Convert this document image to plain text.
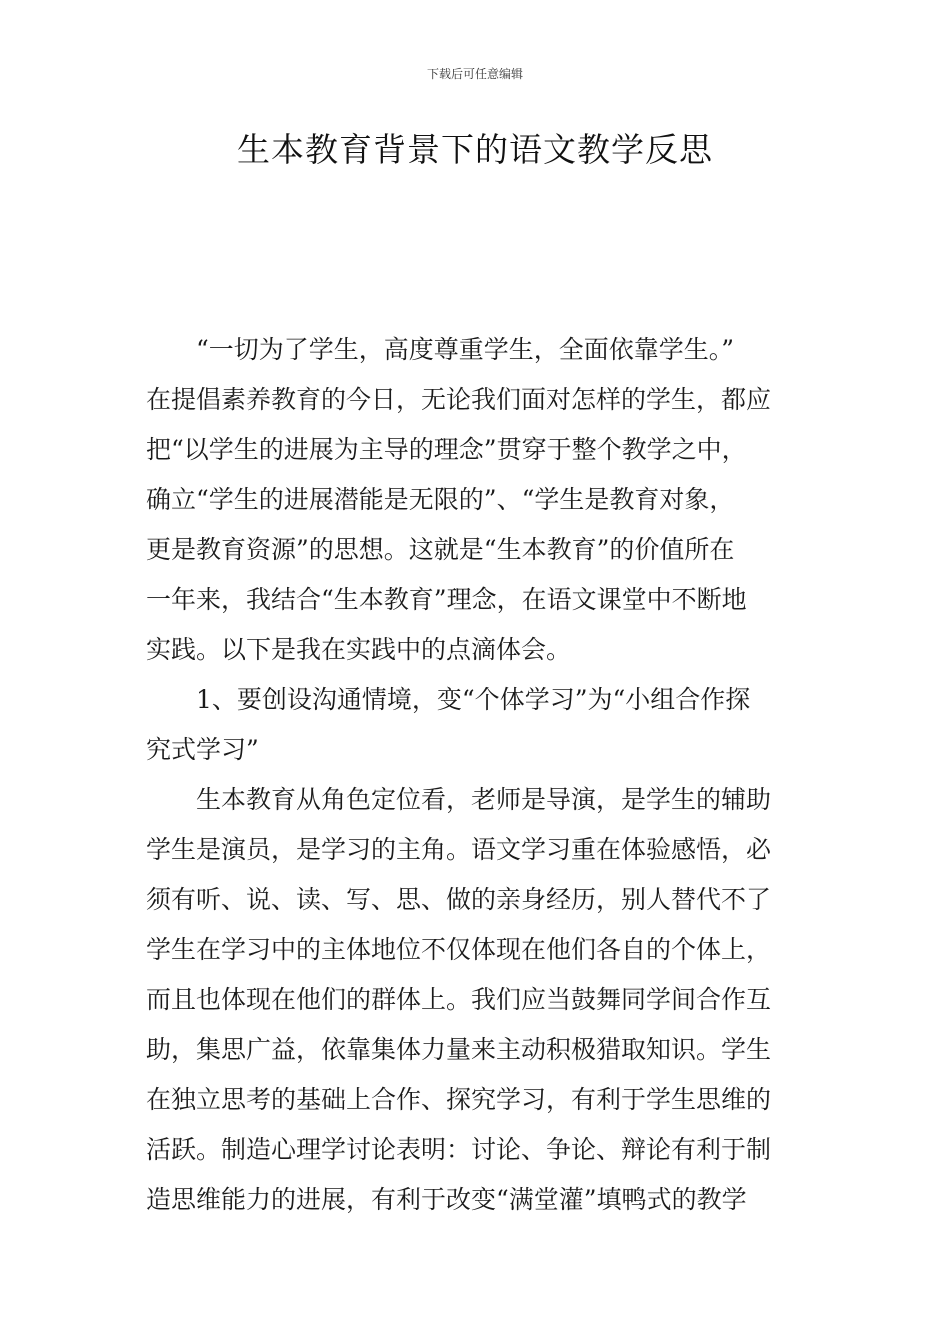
下载后可任意编辑
生本教育背景下的语文教学反思
“一切为了学生，高度尊重学生，全面依靠学生。”
在提倡素养教育的今日，无论我们面对怎样的学生，都应
把“以学生的进展为主导的理念”贯穿于整个教学之中，
确立“学生的进展潜能是无限的”、“学生是教育对象，
更是教育资源”的思想。这就是“生本教育”的价值所在
一年来，我结合“生本教育”理念，在语文课堂中不断地
实践。以下是我在实践中的点滴体会。
1、要创设沟通情境，变“个体学习”为“小组合作探
究式学习”
生本教育从角色定位看，老师是导演，是学生的辅助
学生是演员，是学习的主角。语文学习重在体验感悟，必
须有听、说、读、写、思、做的亲身经历，别人替代不了
学生在学习中的主体地位不仅体现在他们各自的个体上，
而且也体现在他们的群体上。我们应当鼓舞同学间合作互
助，集思广益，依靠集体力量来主动积极猎取知识。学生
在独立思考的基础上合作、探究学习，有利于学生思维的
活跃。制造心理学讨论表明：讨论、争论、辩论有利于制
造思维能力的进展，有利于改变“满堂灌”填鸭式的教学
